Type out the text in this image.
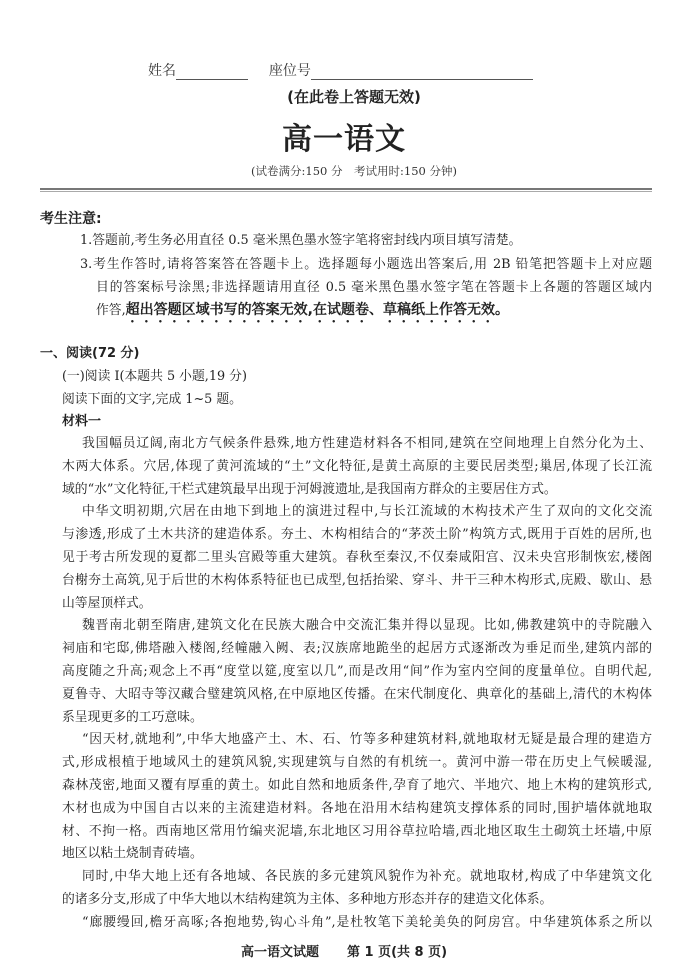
姓名	座位号
(在此卷上答题无效)
高一语文
(试卷满分:150 分　考试用时:150 分钟)
考生注意:
1.答题前,考生务必用直径 0.5 毫米黑色墨水签字笔将密封线内项目填写清楚。
3.考生作答时,请将答案答在答题卡上。选择题每小题选出答案后,用 2B 铅笔把答题卡上对应题
目的答案标号涂黑;非选择题请用直径 0.5 毫米黑色墨水签字笔在答题卡上各题的答题区域内
作答,超出答题区域书写的答案无效,在试题卷、草稿纸上作答无效。
一、阅读(72 分)
(一)阅读 I(本题共 5 小题,19 分)
阅读下面的文字,完成 1~5 题。
材料一
我国幅员辽阔,南北方气候条件悬殊,地方性建造材料各不相同,建筑在空间地理上自然分化为土、
木两大体系。穴居,体现了黄河流域的“土”文化特征,是黄土高原的主要民居类型;巢居,体现了长江流
域的“水”文化特征,干栏式建筑最早出现于河姆渡遗址,是我国南方群众的主要居住方式。
中华文明初期,穴居在由地下到地上的演进过程中,与长江流域的木构技术产生了双向的文化交流
与渗透,形成了土木共济的建造体系。夯土、木构相结合的“茅茨土阶”构筑方式,既用于百姓的居所,也
见于考古所发现的夏都二里头宫殿等重大建筑。春秋至秦汉,不仅秦咸阳宫、汉未央宫形制恢宏,楼阁
台榭夯土高筑,见于后世的木构体系特征也已成型,包括抬梁、穿斗、井干三种木构形式,庑殿、歇山、悬
山等屋顶样式。
魏晋南北朝至隋唐,建筑文化在民族大融合中交流汇集并得以显现。比如,佛教建筑中的寺院融入
祠庙和宅邸,佛塔融入楼阁,经幢融入阙、表;汉族席地跪坐的起居方式逐渐改为垂足而坐,建筑内部的
高度随之升高;观念上不再“度堂以筵,度室以几”,而是改用“间”作为室内空间的度量单位。自明代起,
夏鲁寺、大昭寺等汉藏合璧建筑风格,在中原地区传播。在宋代制度化、典章化的基础上,清代的木构体
系呈现更多的工巧意味。
“因天材,就地利”,中华大地盛产土、木、石、竹等多种建筑材料,就地取材无疑是最合理的建造方
式,形成根植于地域风土的建筑风貌,实现建筑与自然的有机统一。黄河中游一带在历史上气候暖湿,
森林茂密,地面又覆有厚重的黄土。如此自然和地质条件,孕育了地穴、半地穴、地上木构的建筑形式,
木材也成为中国自古以来的主流建造材料。各地在沿用木结构建筑支撑体系的同时,围护墙体就地取
材、不拘一格。西南地区常用竹编夹泥墙,东北地区习用谷草拉哈墙,西北地区取生土砌筑土坯墙,中原
地区以粘土烧制青砖墙。
同时,中华大地上还有各地域、各民族的多元建筑风貌作为补充。就地取材,构成了中华建筑文化
的诸多分支,形成了中华大地以木结构建筑为主体、多种地方形态并存的建造文化体系。
“廊腰缦回,檐牙高啄;各抱地势,钩心斗角”,是杜牧笔下美轮美奂的阿房宫。中华建筑体系之所以
高一语文试题 第 1 页(共 8 页)
